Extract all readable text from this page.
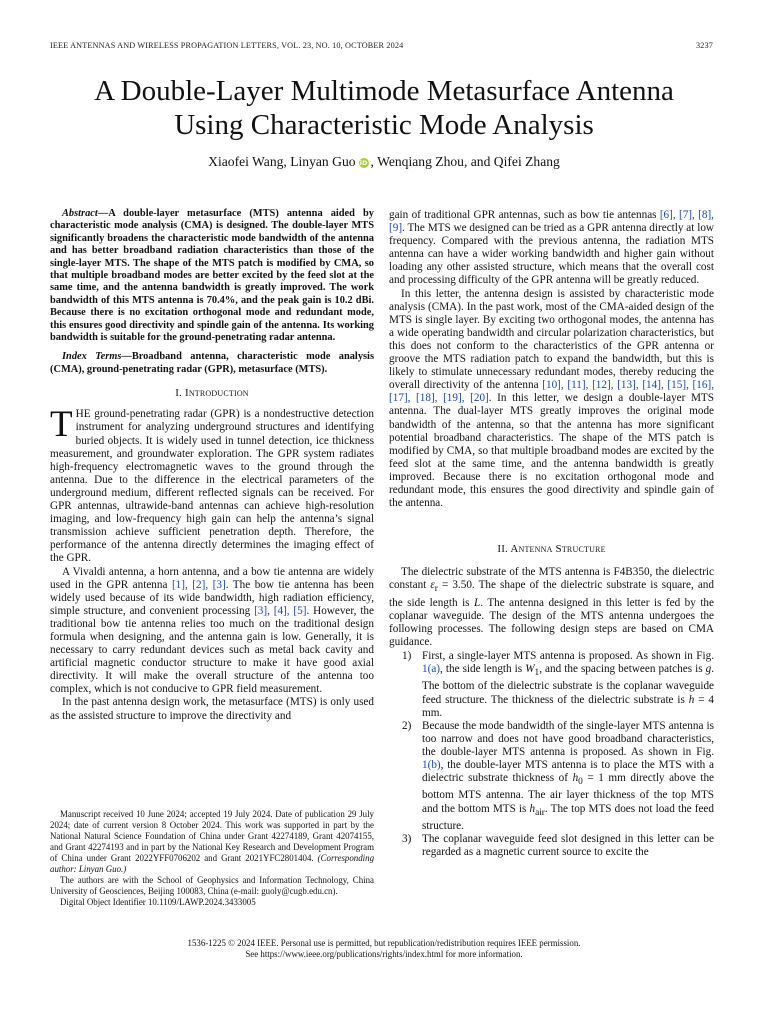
IEEE ANTENNAS AND WIRELESS PROPAGATION LETTERS, VOL. 23, NO. 10, OCTOBER 2024	3237
A Double-Layer Multimode Metasurface Antenna
Using Characteristic Mode Analysis
Xiaofei Wang, Linyan Guo iD , Wenqiang Zhou, and Qifei Zhang

Abstract—A double-layer metasurface (MTS) antenna aided by characteristic mode analysis (CMA) is designed. The double-layer MTS significantly broadens the characteristic mode bandwidth of the antenna and has better broadband radiation characteristics than those of the single-layer MTS. The shape of the MTS patch is modified by CMA, so that multiple broadband modes are better excited by the feed slot at the same time, and the antenna bandwidth is greatly improved. The work bandwidth of this MTS antenna is 70.4%, and the peak gain is 10.2 dBi. Because there is no excitation orthogonal mode and redundant mode, this ensures good directivity and spindle gain of the antenna. Its working bandwidth is suitable for the ground-penetrating radar antenna.

Index Terms—Broadband antenna, characteristic mode analysis (CMA), ground-penetrating radar (GPR), metasurface (MTS).

I. Introduction

THE ground-penetrating radar (GPR) is a nondestructive detection instrument for analyzing underground structures and identifying buried objects. It is widely used in tunnel detection, ice thickness measurement, and groundwater exploration. The GPR system radiates high-frequency electromagnetic waves to the ground through the antenna. Due to the difference in the electrical parameters of the underground medium, different reflected signals can be received. For GPR antennas, ultrawide-band antennas can achieve high-resolution imaging, and low-frequency high gain can help the antenna’s signal transmission achieve sufficient penetration depth. Therefore, the performance of the antenna directly determines the imaging effect of the GPR.

A Vivaldi antenna, a horn antenna, and a bow tie antenna are widely used in the GPR antenna [1], [2], [3]. The bow tie antenna has been widely used because of its wide bandwidth, high radiation efficiency, simple structure, and convenient processing [3], [4], [5]. However, the traditional bow tie antenna relies too much on the traditional design formula when designing, and the antenna gain is low. Generally, it is necessary to carry redundant devices such as metal back cavity and artificial magnetic conductor structure to make it have good axial directivity. It will make the overall structure of the antenna too complex, which is not conducive to GPR field measurement.

In the past antenna design work, the metasurface (MTS) is only used as the assisted structure to improve the directivity and

gain of traditional GPR antennas, such as bow tie antennas [6], [7], [8], [9]. The MTS we designed can be tried as a GPR antenna directly at low frequency. Compared with the previous antenna, the radiation MTS antenna can have a wider working bandwidth and higher gain without loading any other assisted structure, which means that the overall cost and processing difficulty of the GPR antenna will be greatly reduced.

In this letter, the antenna design is assisted by characteristic mode analysis (CMA). In the past work, most of the CMA-aided design of the MTS is single layer. By exciting two orthogonal modes, the antenna has a wide operating bandwidth and circular polarization characteristics, but this does not conform to the characteristics of the GPR antenna or groove the MTS radiation patch to expand the bandwidth, but this is likely to stimulate unnecessary redundant modes, thereby reducing the overall directivity of the antenna [10], [11], [12], [13], [14], [15], [16], [17], [18], [19], [20]. In this letter, we design a double-layer MTS antenna. The dual-layer MTS greatly improves the original mode bandwidth of the antenna, so that the antenna has more significant potential broadband characteristics. The shape of the MTS patch is modified by CMA, so that multiple broadband modes are excited by the feed slot at the same time, and the antenna bandwidth is greatly improved. Because there is no excitation orthogonal mode and redundant mode, this ensures the good directivity and spindle gain of the antenna.

II. Antenna Structure

The dielectric substrate of the MTS antenna is F4B350, the dielectric constant $\varepsilon_r = 3.50$. The shape of the dielectric substrate is square, and the side length is L. The antenna designed in this letter is fed by the coplanar waveguide. The design of the MTS antenna undergoes the following processes. The following design steps are based on CMA guidance.

1) First, a single-layer MTS antenna is proposed. As shown in Fig. 1(a), the side length is $W_1$, and the spacing between patches is g. The bottom of the dielectric substrate is the coplanar waveguide feed structure. The thickness of the dielectric substrate is h = 4 mm.
2) Because the mode bandwidth of the single-layer MTS antenna is too narrow and does not have good broadband characteristics, the double-layer MTS antenna is proposed. As shown in Fig. 1(b), the double-layer MTS antenna is to place the MTS with a dielectric substrate thickness of $h_0 = 1$ mm directly above the bottom MTS antenna. The air layer thickness of the top MTS and the bottom MTS is $h_{air}$. The top MTS does not load the feed structure.
3) The coplanar waveguide feed slot designed in this letter can be regarded as a magnetic current source to excite the

Manuscript received 10 June 2024; accepted 19 July 2024. Date of publication 29 July 2024; date of current version 8 October 2024. This work was supported in part by the National Natural Science Foundation of China under Grant 42274189, Grant 42074155, and Grant 42274193 and in part by the National Key Research and Development Program of China under Grant 2022YFF0706202 and Grant 2021YFC2801404. (Corresponding author: Linyan Guo.)

The authors are with the School of Geophysics and Information Technology, China University of Geosciences, Beijing 100083, China (e-mail: guoly@cugb.edu.cn).

Digital Object Identifier 10.1109/LAWP.2024.3433005

1536-1225 © 2024 IEEE. Personal use is permitted, but republication/redistribution requires IEEE permission.
See https://www.ieee.org/publications/rights/index.html for more information.
